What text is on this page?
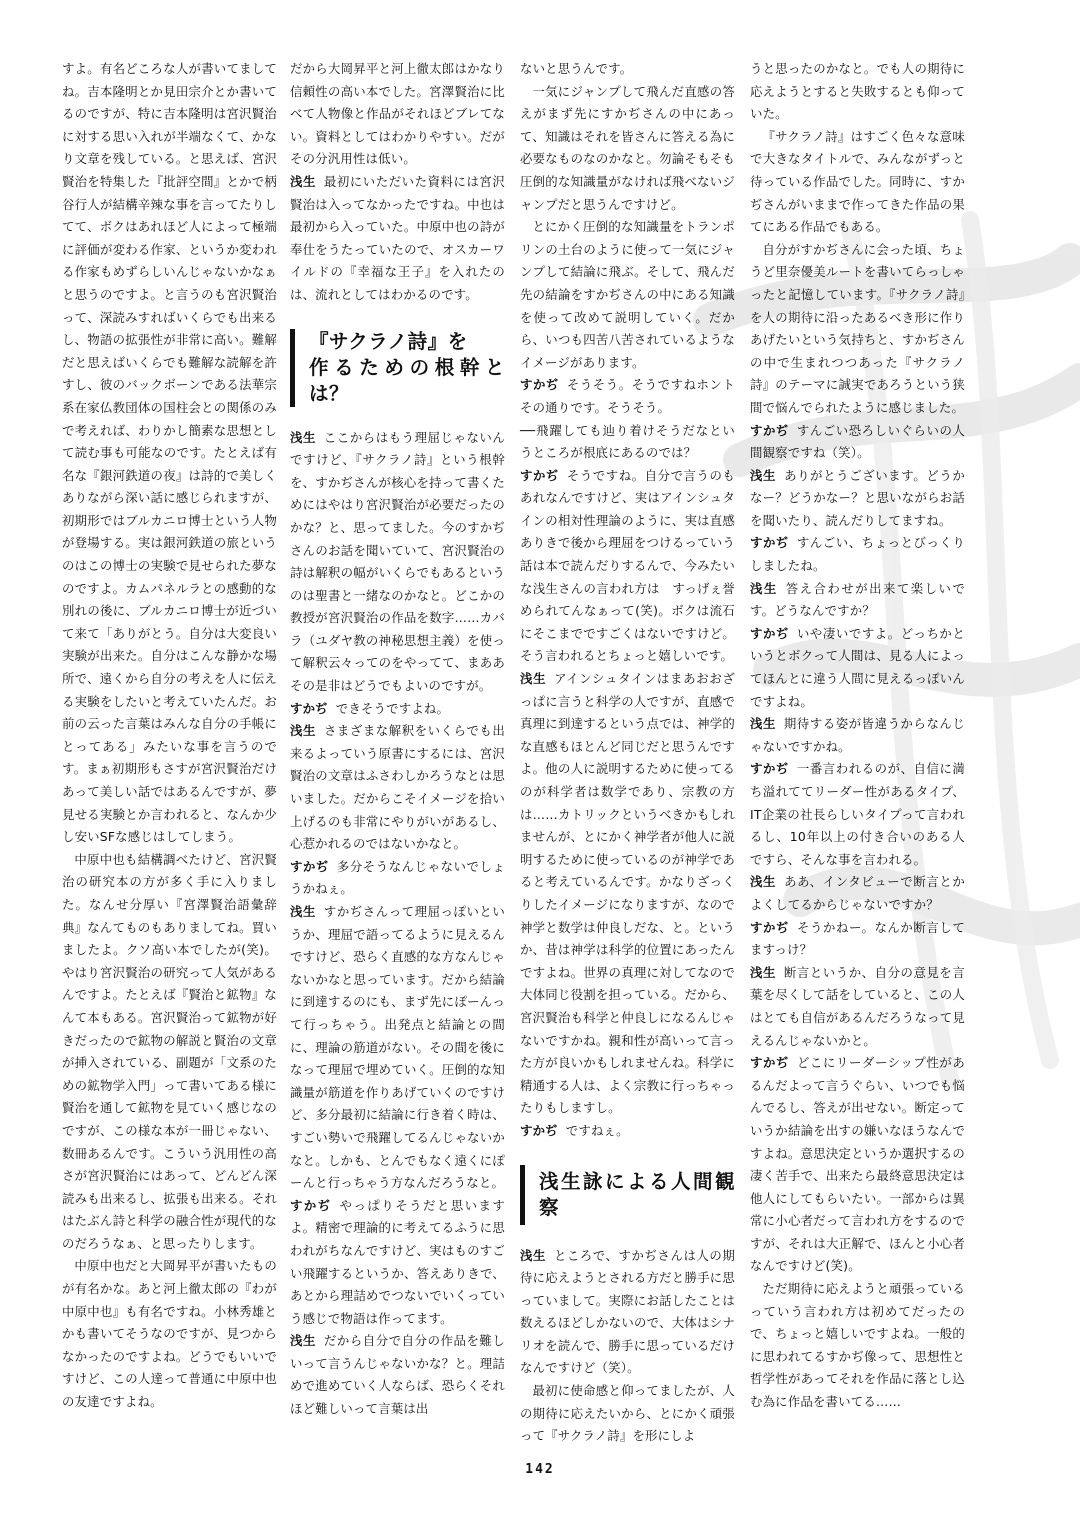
すよ。有名どころな人が書いてましてね。吉本隆明とか見田宗介とか書いてるのですが、特に吉本隆明は宮沢賢治に対する思い入れが半端なくて、かなり文章を残している。と思えば、宮沢賢治を特集した『批評空間』とかで柄谷行人が結構辛辣な事を言ってたりしてて、ボクはあれほど人によって極端に評価が変わる作家、というか変われる作家もめずらしいんじゃないかなぁと思うのですよ。と言うのも宮沢賢治って、深読みすればいくらでも出来るし、物語の拡張性が非常に高い。難解だと思えばいくらでも難解な読解を許すし、彼のバックボーンである法華宗系在家仏教団体の国柱会との関係のみで考えれば、わりかし簡素な思想として読む事も可能なのです。たとえば有名な『銀河鉄道の夜』は詩的で美しくありながら深い話に感じられますが、初期形ではブルカニロ博士という人物が登場する。実は銀河鉄道の旅というのはこの博士の実験で見せられた夢なのですよ。カムパネルラとの感動的な別れの後に、ブルカニロ博士が近づいて来て「ありがとう。自分は大変良い実験が出来た。自分はこんな静かな場所で、遠くから自分の考えを人に伝える実験をしたいと考えていたんだ。お前の云った言葉はみんな自分の手帳にとってある」みたいな事を言うのです。まぁ初期形もさすが宮沢賢治だけあって美しい話ではあるんですが、夢見せる実験とか言われると、なんか少し安いSFな感じはしてしまう。

中原中也も結構調べたけど、宮沢賢治の研究本の方が多く手に入りました。なんせ分厚い『宮澤賢治語彙辞典』なんてものもありましてね。買いましたよ。クソ高い本でしたが(笑)。やはり宮沢賢治の研究って人気があるんですよ。たとえば『賢治と鉱物』なんて本もある。宮沢賢治って鉱物が好きだったので鉱物の解説と賢治の文章が挿入されている、副題が「文系のための鉱物学入門」って書いてある様に賢治を通して鉱物を見ていく感じなのですが、この様な本が一冊じゃない、数冊あるんです。こういう汎用性の高さが宮沢賢治にはあって、どんどん深読みも出来るし、拡張も出来る。それはたぶん詩と科学の融合性が現代的なのだろうなぁ、と思ったりします。

中原中也だと大岡昇平が書いたものが有名かな。あと河上徹太郎の『わが中原中也』も有名ですね。小林秀雄とかも書いてそうなのですが、見つからなかったのですよね。どうでもいいですけど、この人達って普通に中原中也の友達ですよね。

だから大岡昇平と河上徹太郎はかなり信頼性の高い本でした。宮澤賢治に比べて人物像と作品がそれほどブレてない。資料としてはわかりやすい。だがその分汎用性は低い。

浅生 最初にいただいた資料には宮沢賢治は入ってなかったですね。中也は最初から入っていた。中原中也の詩が奉仕をうたっていたので、オスカーワイルドの『幸福な王子』を入れたのは、流れとしてはわかるのです。

『サクラノ詩』を
作るための根幹とは？

浅生 ここからはもう理屈じゃないんですけど、『サクラノ詩』という根幹を、すかぢさんが核心を持って書くためにはやはり宮沢賢治が必要だったのかな？と、思ってました。今のすかぢさんのお話を聞いていて、宮沢賢治の詩は解釈の幅がいくらでもあるというのは聖書と一緒なのかなと。どこかの教授が宮沢賢治の作品を数字……カバラ（ユダヤ教の神秘思想主義）を使って解釈云々ってのをやってて、まああその是非はどうでもよいのですが。

すかぢ できそうですよね。

浅生 さまざまな解釈をいくらでも出来るよっていう原書にするには、宮沢賢治の文章はふさわしかろうなとは思いました。だからこそイメージを拾い上げるのも非常にやりがいがあるし、心惹かれるのではないかなと。

すかぢ 多分そうなんじゃないでしょうかねぇ。

浅生 すかぢさんって理屈っぽいというか、理屈で語ってるように見えるんですけど、恐らく直感的な方なんじゃないかなと思っています。だから結論に到達するのにも、まず先にぽーんって行っちゃう。出発点と結論との間に、理論の筋道がない。その間を後になって理屈で埋めていく。圧倒的な知識量が筋道を作りあげていくのですけど、多分最初に結論に行き着く時は、すごい勢いで飛躍してるんじゃないかなと。しかも、とんでもなく遠くにぽーんと行っちゃう方なんだろうなと。

すかぢ やっぱりそうだと思いますよ。精密で理論的に考えてるふうに思われがちなんですけど、実はものすごい飛躍するというか、答えありきで、あとから理詰めでつないでいくっていう感じで物語は作ってます。

浅生 だから自分で自分の作品を難しいって言うんじゃないかな？と。理詰めで進めていく人ならば、恐らくそれほど難しいって言葉は出

ないと思うんです。

一気にジャンプして飛んだ直感の答えがまず先にすかぢさんの中にあって、知識はそれを皆さんに答える為に必要なものなのかなと。勿論そもそも圧倒的な知識量がなければ飛べないジャンプだと思うんですけど。

とにかく圧倒的な知識量をトランポリンの土台のように使って一気にジャンプして結論に飛ぶ。そして、飛んだ先の結論をすかぢさんの中にある知識を使って改めて説明していく。だから、いつも四苦八苦されているようなイメージがあります。

すかぢ そうそう。そうですねホントその通りです。そうそう。

──飛躍しても辿り着けそうだなというところが根底にあるのでは？

すかぢ そうですね。自分で言うのもあれなんですけど、実はアインシュタインの相対性理論のように、実は直感ありきで後から理屈をつけるっていう話は本で読んだりするんで、今みたいな浅生さんの言われ方は　すっげぇ誉められてんなぁって(笑)。ボクは流石にそこまでですごくはないですけど。そう言われるとちょっと嬉しいです。

浅生 アインシュタインはまあおおざっぱに言うと科学の人ですが、直感で真理に到達するという点では、神学的な直感もほとんど同じだと思うんですよ。他の人に説明するために使ってるのが科学者は数学であり、宗教の方は……カトリックというべきかもしれませんが、とにかく神学者が他人に説明するために使っているのが神学であると考えているんです。かなりざっくりしたイメージになりますが、なので神学と数学は仲良しだな、と。というか、昔は神学は科学的位置にあったんですよね。世界の真理に対してなので大体同じ役割を担っている。だから、宮沢賢治も科学と仲良しになるんじゃないですかね。親和性が高いって言った方が良いかもしれませんね。科学に精通する人は、よく宗教に行っちゃったりもしますし。

すかぢ ですねぇ。

浅生詠による人間観察

浅生 ところで、すかぢさんは人の期待に応えようとされる方だと勝手に思っていまして。実際にお話したことは数えるほどしかないので、大体はシナリオを読んで、勝手に思っているだけなんですけど（笑）。

最初に使命感と仰ってましたが、人の期待に応えたいから、とにかく頑張って『サクラノ詩』を形にしよ

うと思ったのかなと。でも人の期待に応えようとすると失敗するとも仰っていた。

『サクラノ詩』はすごく色々な意味で大きなタイトルで、みんながずっと待っている作品でした。同時に、すかぢさんがいままで作ってきた作品の果てにある作品でもある。

自分がすかぢさんに会った頃、ちょうど里奈優美ルートを書いてらっしゃったと記憶しています。『サクラノ詩』を人の期待に沿ったあるべき形に作りあげたいという気持ちと、すかぢさんの中で生まれつつあった『サクラノ詩』のテーマに誠実であろうという狭間で悩んでられたように感じました。

すかぢ すんごい恐ろしいぐらいの人間観察ですね（笑）。

浅生 ありがとうございます。どうかなー？どうかなー？と思いながらお話を聞いたり、読んだりしてますね。

すかぢ すんごい、ちょっとびっくりしましたね。

浅生 答え合わせが出来て楽しいです。どうなんですか？

すかぢ いや凄いですよ。どっちかというとボクって人間は、見る人によってほんとに違う人間に見えるっぽいんですよね。

浅生 期待する姿が皆違うからなんじゃないですかね。

すかぢ 一番言われるのが、自信に満ち溢れててリーダー性があるタイプ、IT企業の社長らしいタイプって言われるし、10年以上の付き合いのある人ですら、そんな事を言われる。

浅生 ああ、インタビューで断言とかよくしてるからじゃないですか？

すかぢ そうかねー。なんか断言してますっけ？

浅生 断言というか、自分の意見を言葉を尽くして話をしていると、この人はとても自信があるんだろうなって見えるんじゃないかと。

すかぢ どこにリーダーシップ性があるんだよって言うぐらい、いつでも悩んでるし、答えが出せない。断定っていうか結論を出すの嫌いなほうなんですよね。意思決定というか選択するの凄く苦手で、出来たら最終意思決定は他人にしてもらいたい。一部からは異常に小心者だって言われ方をするのですが、それは大正解で、ほんと小心者なんですけど(笑)。

ただ期待に応えようと頑張っているっていう言われ方は初めてだったので、ちょっと嬉しいですよね。一般的に思われてるすかぢ像って、思想性と哲学性があってそれを作品に落とし込む為に作品を書いてる……

142
